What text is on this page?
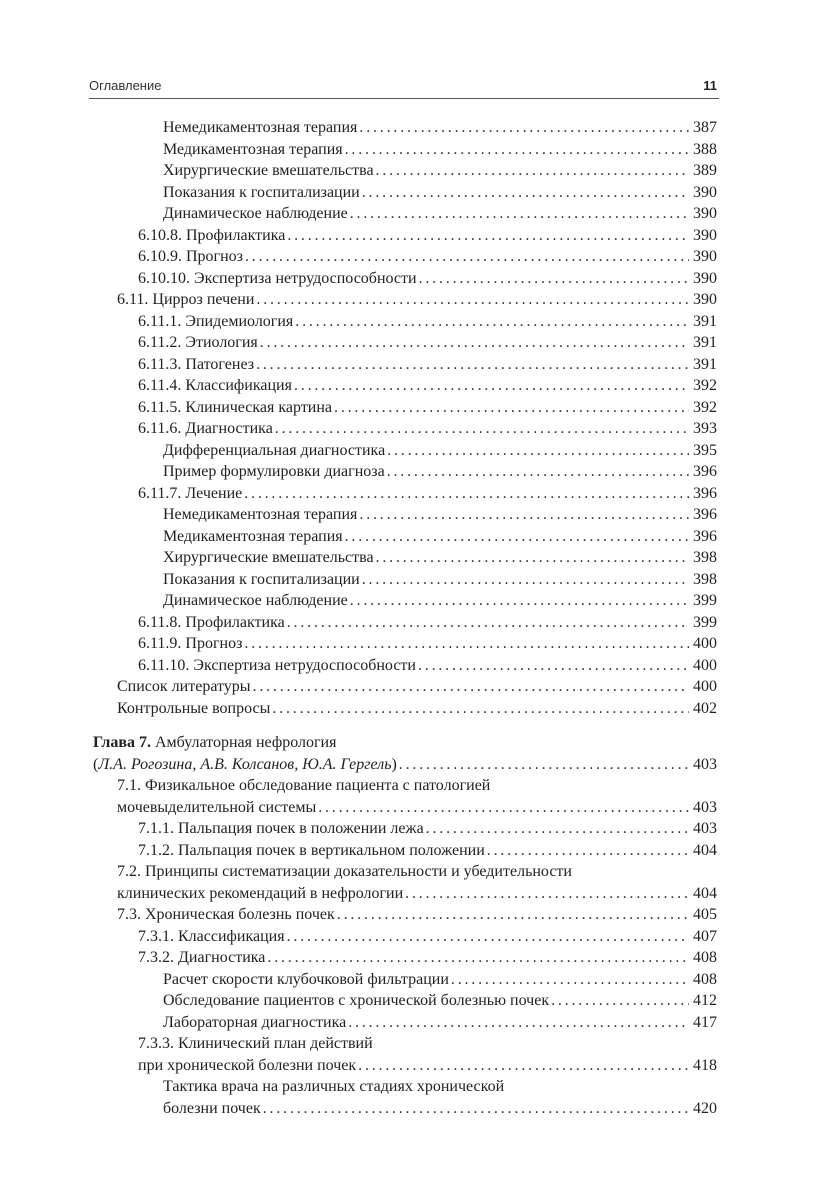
Оглавление	11
Немедикаментозная терапия . . .	387
Медикаментозная терапия . . .	388
Хирургические вмешательства . . .	389
Показания к госпитализации . . .	390
Динамическое наблюдение . . .	390
6.10.8. Профилактика . . .	390
6.10.9. Прогноз . . .	390
6.10.10. Экспертиза нетрудоспособности . . .	390
6.11. Цирроз печени . . .	390
6.11.1. Эпидемиология . . .	391
6.11.2. Этиология . . .	391
6.11.3. Патогенез . . .	391
6.11.4. Классификация . . .	392
6.11.5. Клиническая картина . . .	392
6.11.6. Диагностика . . .	393
Дифференциальная диагностика . . .	395
Пример формулировки диагноза . . .	396
6.11.7. Лечение . . .	396
Немедикаментозная терапия . . .	396
Медикаментозная терапия . . .	396
Хирургические вмешательства . . .	398
Показания к госпитализации . . .	398
Динамическое наблюдение . . .	399
6.11.8. Профилактика . . .	399
6.11.9. Прогноз . . .	400
6.11.10. Экспертиза нетрудоспособности . . .	400
Список литературы . . .	400
Контрольные вопросы . . .	402
Глава 7. Амбулаторная нефрология
(Л.А. Рогозина, А.В. Колсанов, Ю.А. Гергель) . . .	403
7.1. Физикальное обследование пациента с патологией
мочевыделительной системы . . .	403
7.1.1. Пальпация почек в положении лежа . . .	403
7.1.2. Пальпация почек в вертикальном положении . . .	404
7.2. Принципы систематизации доказательности и убедительности
клинических рекомендаций в нефрологии . . .	404
7.3. Хроническая болезнь почек . . .	405
7.3.1. Классификация . . .	407
7.3.2. Диагностика . . .	408
Расчет скорости клубочковой фильтрации . . .	408
Обследование пациентов с хронической болезнью почек . . .	412
Лабораторная диагностика . . .	417
7.3.3. Клинический план действий
при хронической болезни почек . . .	418
Тактика врача на различных стадиях хронической
болезни почек . . .	420
